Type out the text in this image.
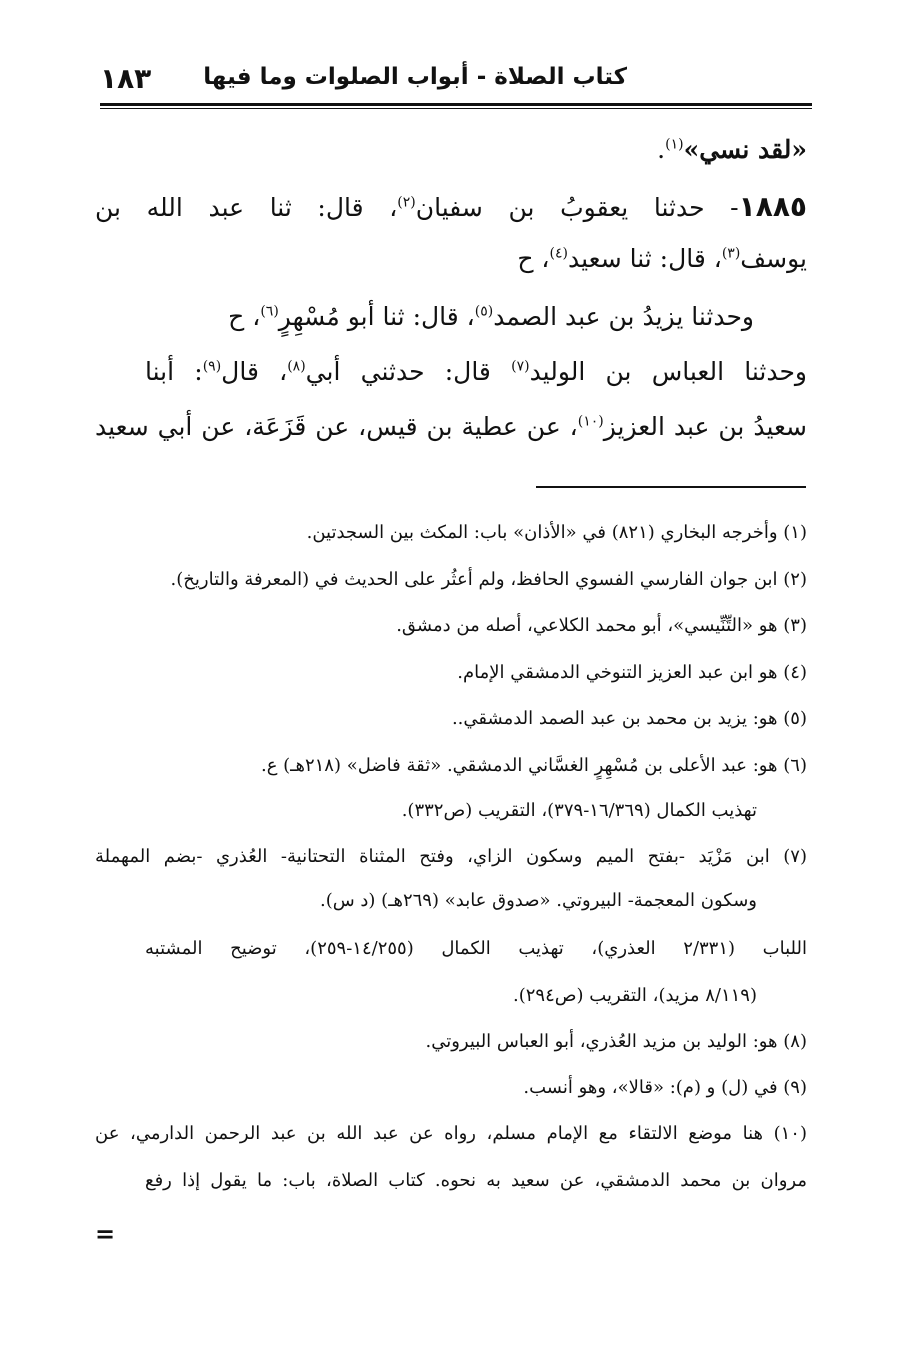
كتاب الصلاة - أبواب الصلوات وما فيها
١٨٣
«لقد نسي»$^{(١)}$.
١٨٨٥- حدثنا يعقوبُ بن سفيان$^{(٢)}$، قال: ثنا عبد الله بن
يوسف$^{(٣)}$، قال: ثنا سعيد$^{(٤)}$، ح
وحدثنا يزيدُ بن عبد الصمد$^{(٥)}$، قال: ثنا أبو مُسْهِرٍ$^{(٦)}$، ح
وحدثنا العباس بن الوليد$^{(٧)}$ قال: حدثني أبي$^{(٨)}$، قال$^{(٩)}$: أبنا
سعيدُ بن عبد العزيز$^{(١٠)}$، عن عطية بن قيس، عن قَزَعَة، عن أبي سعيد
(١) وأخرجه البخاري (٨٢١) في «الأذان» باب: المكث بين السجدتين.
(٢) ابن جوان الفارسي الفسوي الحافظ، ولم أعثُر على الحديث في (المعرفة والتاريخ).
(٣) هو «التِّنِّيسي»، أبو محمد الكلاعي، أصله من دمشق.
(٤) هو ابن عبد العزيز التنوخي الدمشقي الإمام.
(٥) هو: يزيد بن محمد بن عبد الصمد الدمشقي..
(٦) هو: عبد الأعلى بن مُسْهِرٍ الغسَّاني الدمشقي. «ثقة فاضل» (٢١٨هـ) ع.
تهذيب الكمال (١٦/٣٦٩-٣٧٩)، التقريب (ص٣٣٢).
(٧) ابن مَزْيَد -بفتح الميم وسكون الزاي، وفتح المثناة التحتانية- العُذري -بضم المهملة
وسكون المعجمة- البيروتي. «صدوق عابد» (٢٦٩هـ) (د س).
اللباب (٢/٣٣١ العذري)، تهذيب الكمال (١٤/٢٥٥-٢٥٩)، توضيح المشتبه
(٨/١١٩ مزيد)، التقريب (ص٢٩٤).
(٨) هو: الوليد بن مزيد العُذري، أبو العباس البيروتي.
(٩) في (ل) و (م): «قالا»، وهو أنسب.
(١٠) هنا موضع الالتقاء مع الإمام مسلم، رواه عن عبد الله بن عبد الرحمن الدارمي، عن
مروان بن محمد الدمشقي، عن سعيد به نحوه. كتاب الصلاة، باب: ما يقول إذا رفع
=
